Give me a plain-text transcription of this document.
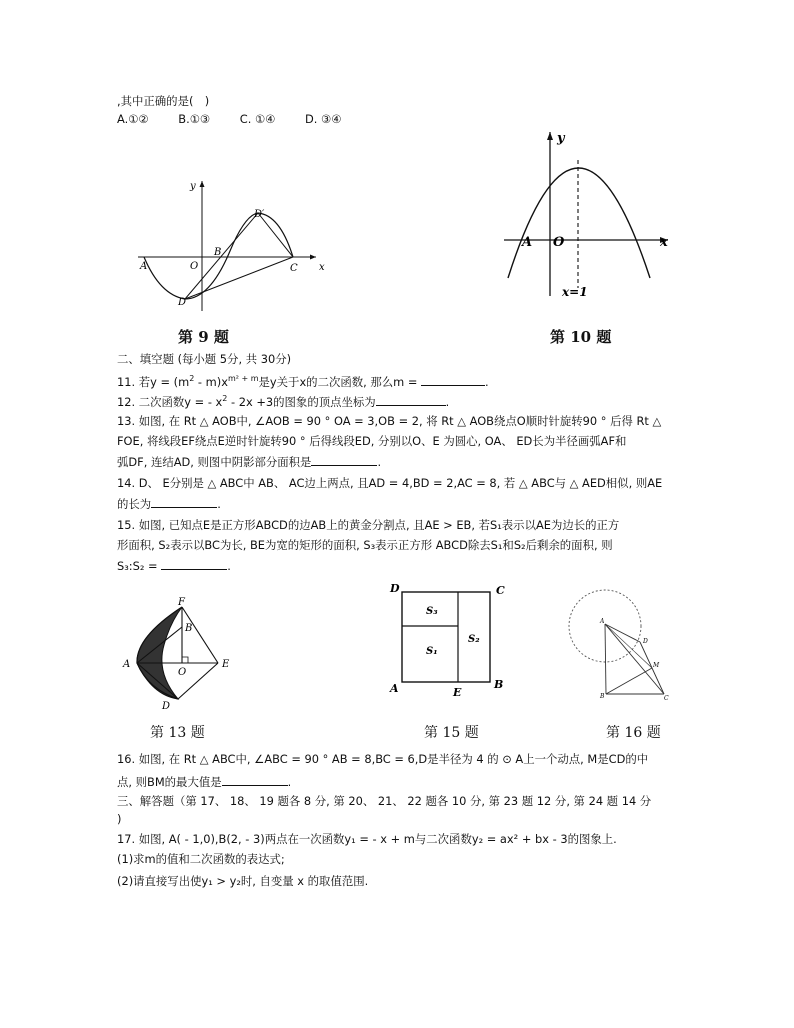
,其中正确的是(　)
A.①②	B.①③	C. ①④	D. ③④
y
x
A	O
B
D′
C
D
第 9 题
y
x
A O
x=1
第 10 题
二、填空题 (每小题 5分, 共 30分)
11. 若$y = (m^2 - m)x^{m^2 + m}$是y关于x的二次函数, 那么m =	.
12. 二次函数y = - $x^2 - 2x +3$的图象的顶点坐标为	.
13. 如图, 在 Rt △ AOB中, ∠AOB = 90 ° OA = 3,OB = 2, 将 Rt △ AOB绕点O顺时针旋转90 ° 后得 Rt △
FOE, 将线段EF绕点E逆时针旋转90 ° 后得线段ED, 分别以O、E 为圆心, OA、 ED长为半径画弧AF和
弧DF, 连结AD, 则图中阴影部分面积是	.
14. D、 E分别是 △ ABC中 AB、 AC边上两点, 且AD = 4,BD = 2,AC = 8, 若 △ ABC与 △ AED相似, 则AE
的长为	.
15. 如图, 已知点E是正方形ABCD的边AB上的黄金分割点, 且AE > EB, 若S₁表示以AE为边长的正方
形面积, S₂表示以BC为长, BE为宽的矩形的面积, S₃表示正方形 ABCD除去S₁和S₂后剩余的面积, 则
S₃:S₂ =	.
F
B
A
O
E
D
第 13 题
D	C
S₃
S₁
S₂
A	E
B
第 15 题
A
D
M
B	C
第 16 题
16. 如图, 在 Rt △ ABC中, ∠ABC = 90 ° AB = 8,BC = 6,D是半径为 4 的 ⊙ A上一个动点, M是CD的中
点, 则BM的最大值是	.
三、解答题（第 17、 18、 19 题各 8 分, 第 20、 21、 22 题各 10 分, 第 23 题 12 分, 第 24 题 14 分
)
17. 如图, A( - 1,0),B(2, - 3)两点在一次函数y₁ = - x + m与二次函数y₂ = ax² + bx - 3的图象上.
(1)求m的值和二次函数的表达式;
(2)请直接写出使y₁ > y₂时, 自变量 x 的取值范围.
